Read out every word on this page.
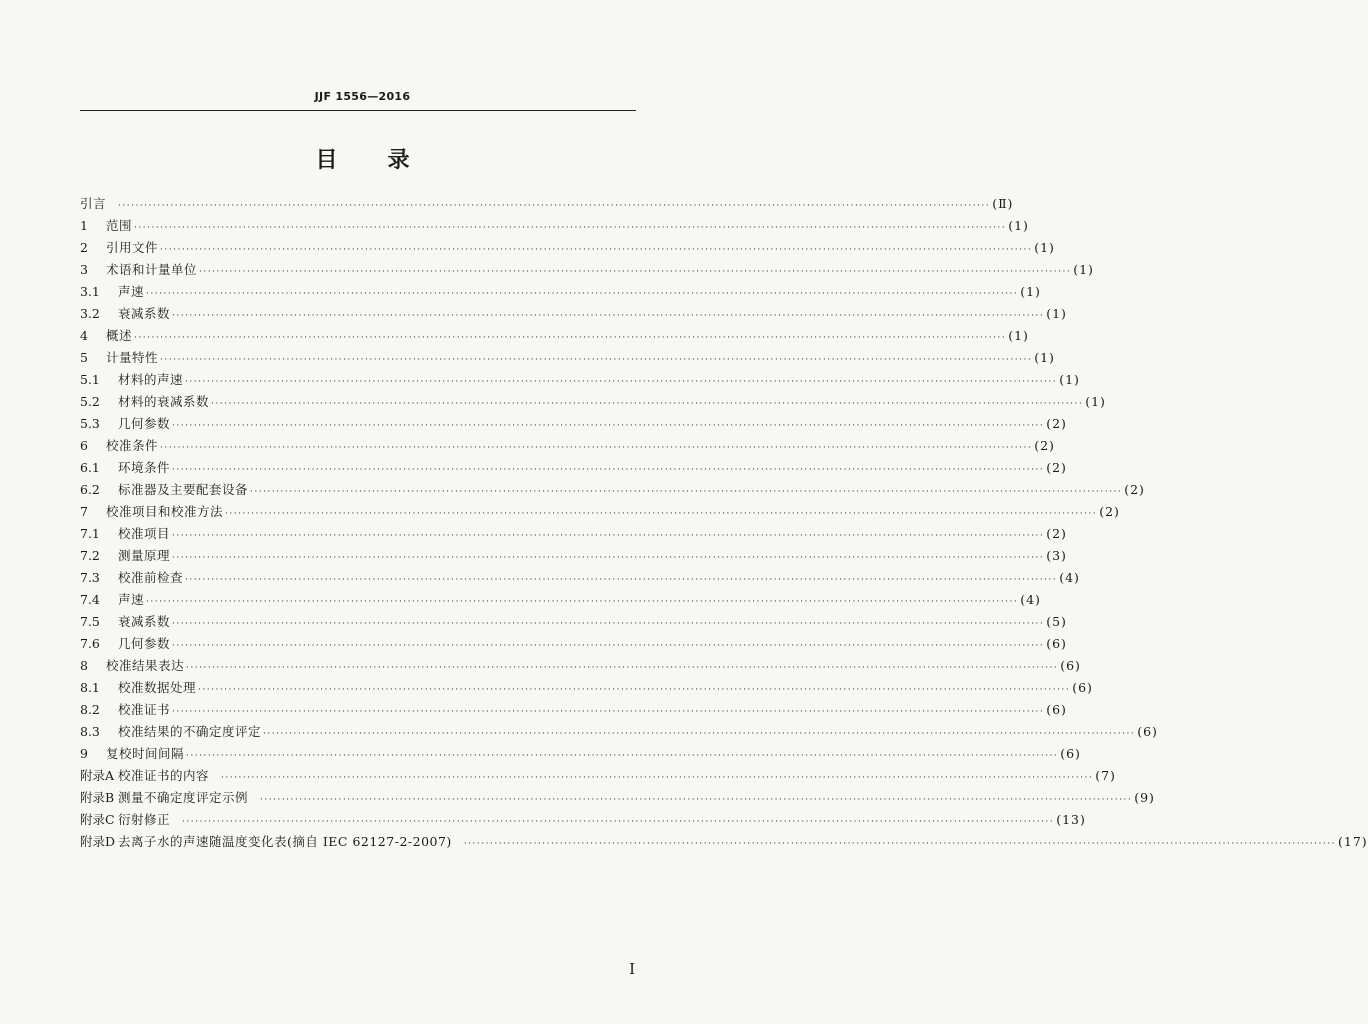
JJF 1556—2016
目 录
引言 ········································································································································································································ (Ⅱ)
1	范围 ········································································································································································································ (1)
2	引用文件 ········································································································································································································ (1)
3	术语和计量单位 ········································································································································································································ (1)
3.1	声速 ········································································································································································································ (1)
3.2	衰减系数 ········································································································································································································ (1)
4	概述 ········································································································································································································ (1)
5	计量特性 ········································································································································································································ (1)
5.1	材料的声速 ········································································································································································································ (1)
5.2	材料的衰减系数 ········································································································································································································ (1)
5.3	几何参数 ········································································································································································································ (2)
6	校准条件 ········································································································································································································ (2)
6.1	环境条件 ········································································································································································································ (2)
6.2	标准器及主要配套设备 ········································································································································································································ (2)
7	校准项目和校准方法 ········································································································································································································ (2)
7.1	校准项目 ········································································································································································································ (2)
7.2	测量原理 ········································································································································································································ (3)
7.3	校准前检查 ········································································································································································································ (4)
7.4	声速 ········································································································································································································ (4)
7.5	衰减系数 ········································································································································································································ (5)
7.6	几何参数 ········································································································································································································ (6)
8	校准结果表达 ········································································································································································································ (6)
8.1	校准数据处理 ········································································································································································································ (6)
8.2	校准证书 ········································································································································································································ (6)
8.3	校准结果的不确定度评定 ········································································································································································································ (6)
9	复校时间间隔 ········································································································································································································ (6)
附录A 校准证书的内容 ········································································································································································································ (7)
附录B 测量不确定度评定示例 ········································································································································································································ (9)
附录C 衍射修正 ········································································································································································································ (13)
附录D 去离子水的声速随温度变化表(摘自 IEC 62127-2-2007) ········································································································································································································ (17)
I
